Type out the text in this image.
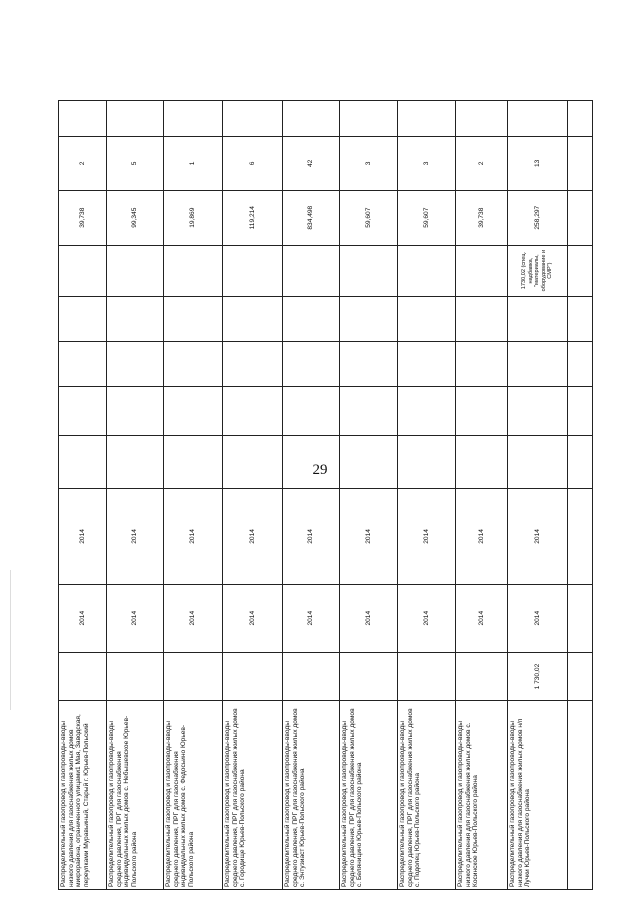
29
Распределительный газопровод и газопроводы-вводы низкого давления для газоснабжения жилых домов микрорайона, ограниченного улицами1 Мая, Заводская, переулками Муравьиный, Старый г. Юрьев-Польский
2014
2014
39,738
2
Распределительный газопровод и газопроводы-вводы среднего давления, ПРГ для газоснабжения индивидуальных жилых домов с. Небышевское Юрьев-Польского района
2014
2014
99,345
5
Распределительный газопровод и газопроводы-вводы среднего давления, ПРГ для газоснабжения индивидуальных жилых домов с. Федосьино Юрьев-Польского района
2014
2014
19,869
1
Распределительный газопровод и газопроводы-вводы среднего давления, ПРГ для газоснабжения жилых домов с. Городище Юрьев-Польского района
2014
2014
119,214
6
Распределительный газопровод и газопроводы-вводы среднего давления, ПРГ для газоснабжения жилых домов с. Энтузиаст Юрьев-Польского района
2014
2014
834,498
42
Распределительный газопровод и газопроводы-вводы среднего давления, ПРГ для газоснабжения жилых домов с. Беляницино Юрьев-Польского района
2014
2014
59,607
3
Распределительный газопровод и газопроводы-вводы среднего давления, ПРГ для газоснабжения жилых домов с. Подолец Юрьев-Польского района
2014
2014
59,607
3
Распределительный газопровод и газопроводы-вводы низкого давления для газоснабжения жилых домов с. Косинское Юрьев-Польского района
2014
2014
39,738
2
Распределительный газопровод и газопроводы-вводы низкого давления для газоснабжения жилых домов н/п Лучки Юрьев-Польского района
1 730,02
2014
2014
1730,02 (спец. надбавка, "материалы, оборудование и СМР")
258,297
13
